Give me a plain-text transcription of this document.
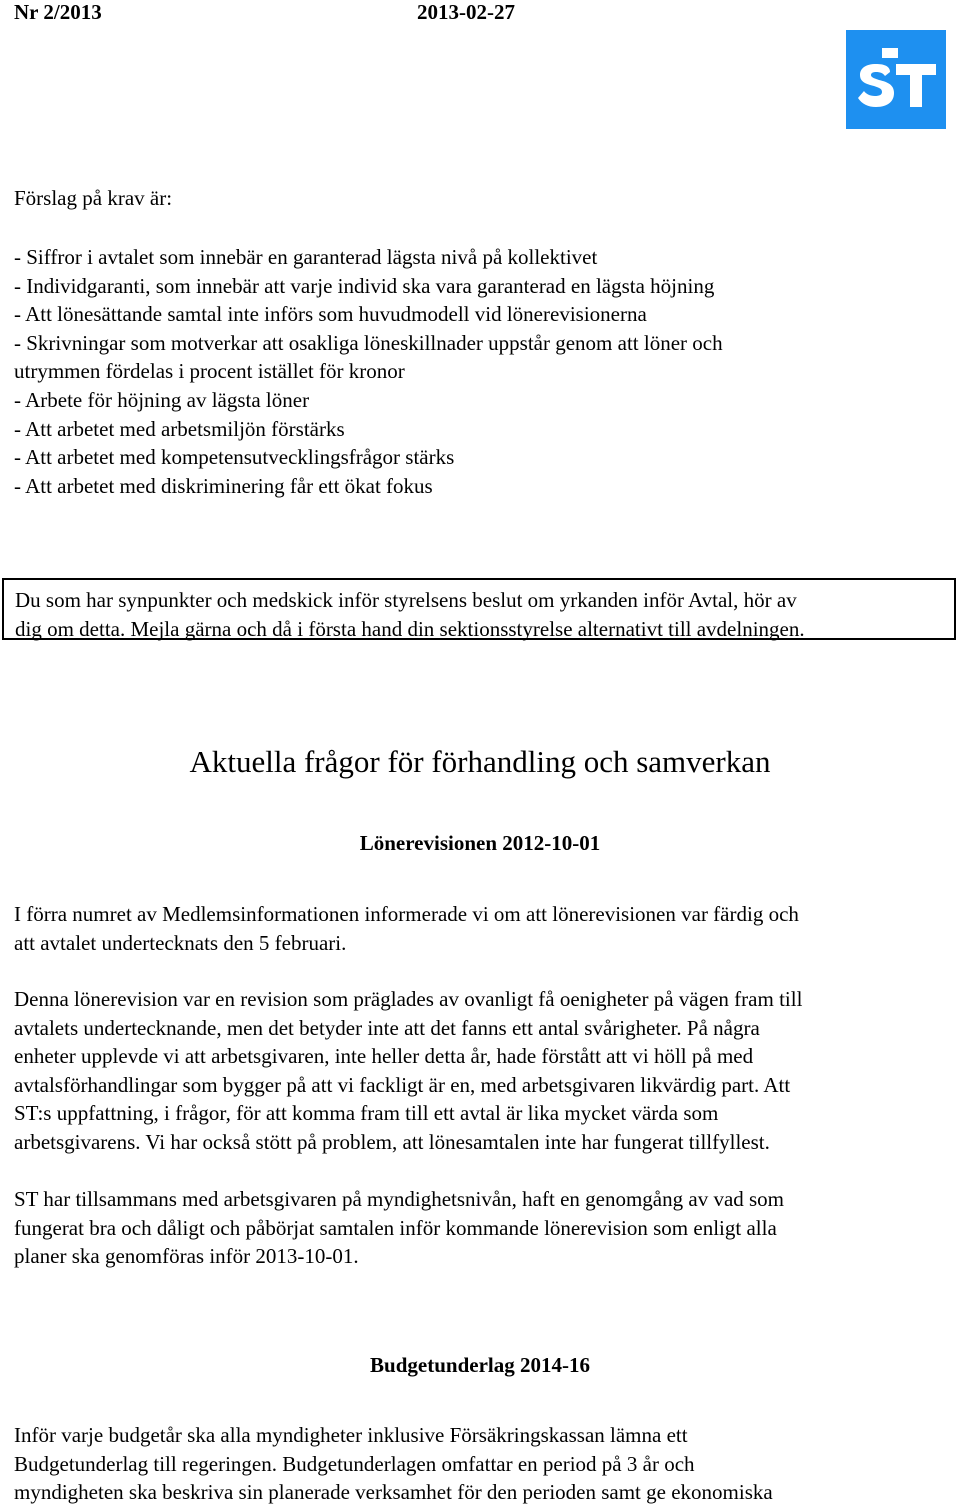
Nr 2/2013	2013-02-27
Förslag på krav är:
- Siffror i avtalet som innebär en garanterad lägsta nivå på kollektivet
- Individgaranti, som innebär att varje individ ska vara garanterad en lägsta höjning
- Att lönesättande samtal inte införs som huvudmodell vid lönerevisionerna
- Skrivningar som motverkar att osakliga löneskillnader uppstår genom att löner och
utrymmen fördelas i procent istället för kronor
- Arbete för höjning av lägsta löner
- Att arbetet med arbetsmiljön förstärks
- Att arbetet med kompetensutvecklingsfrågor stärks
- Att arbetet med diskriminering får ett ökat fokus
Du som har synpunkter och medskick inför styrelsens beslut om yrkanden inför Avtal, hör av
dig om detta. Mejla gärna och då i första hand din sektionsstyrelse alternativt till avdelningen.
Aktuella frågor för förhandling och samverkan
Lönerevisionen 2012-10-01
I förra numret av Medlemsinformationen informerade vi om att lönerevisionen var färdig och
att avtalet undertecknats den 5 februari.
Denna lönerevision var en revision som präglades av ovanligt få oenigheter på vägen fram till
avtalets undertecknande, men det betyder inte att det fanns ett antal svårigheter. På några
enheter upplevde vi att arbetsgivaren, inte heller detta år, hade förstått att vi höll på med
avtalsförhandlingar som bygger på att vi fackligt är en, med arbetsgivaren likvärdig part. Att
ST:s uppfattning, i frågor, för att komma fram till ett avtal är lika mycket värda som
arbetsgivarens. Vi har också stött på problem, att lönesamtalen inte har fungerat tillfyllest.
ST har tillsammans med arbetsgivaren på myndighetsnivån, haft en genomgång av vad som
fungerat bra och dåligt och påbörjat samtalen inför kommande lönerevision som enligt alla
planer ska genomföras inför 2013-10-01.
Budgetunderlag 2014-16
Inför varje budgetår ska alla myndigheter inklusive Försäkringskassan lämna ett
Budgetunderlag till regeringen. Budgetunderlagen omfattar en period på 3 år och
myndigheten ska beskriva sin planerade verksamhet för den perioden samt ge ekonomiska
